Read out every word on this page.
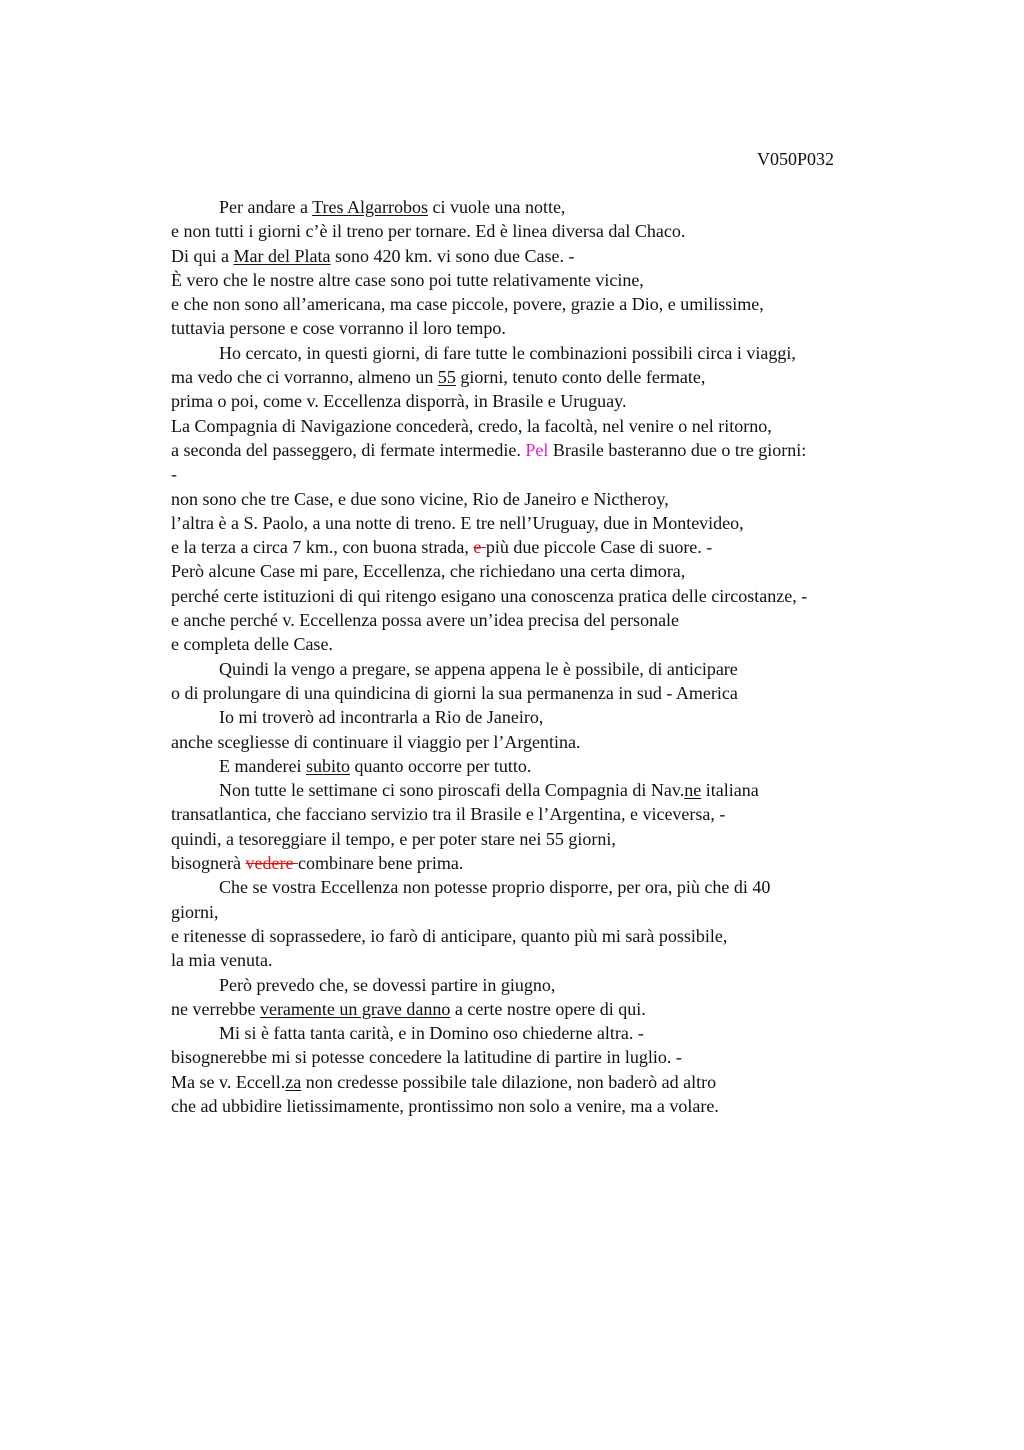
V050P032
Per andare a Tres Algarrobos ci vuole una notte,
e non tutti i giorni c’è il treno per tornare. Ed è linea diversa dal Chaco.
Di qui a Mar del Plata sono 420 km. vi sono due Case. -
È vero che le nostre altre case sono poi tutte relativamente vicine,
e che non sono all’americana, ma case piccole, povere, grazie a Dio, e umilissime,
tuttavia persone e cose vorranno il loro tempo.
Ho cercato, in questi giorni, di fare tutte le combinazioni possibili circa i viaggi,
ma vedo che ci vorranno, almeno un 55 giorni, tenuto conto delle fermate,
prima o poi, come v. Eccellenza disporrà, in Brasile e Uruguay.
La Compagnia di Navigazione concederà, credo, la facoltà, nel venire o nel ritorno,
a seconda del passeggero, di fermate intermedie. Pel Brasile basteranno due o tre giorni:
-
non sono che tre Case, e due sono vicine, Rio de Janeiro e Nictheroy,
l’altra è a S. Paolo, a una notte di treno. E tre nell’Uruguay, due in Montevideo,
e la terza a circa 7 km., con buona strada, e più due piccole Case di suore. -
Però alcune Case mi pare, Eccellenza, che richiedano una certa dimora,
perché certe istituzioni di qui ritengo esigano una conoscenza pratica delle circostanze, -
e anche perché v. Eccellenza possa avere un’idea precisa del personale
e completa delle Case.
Quindi la vengo a pregare, se appena appena le è possibile, di anticipare
o di prolungare di una quindicina di giorni la sua permanenza in sud - America
Io mi troverò ad incontrarla a Rio de Janeiro,
anche scegliesse di continuare il viaggio per l’Argentina.
E manderei subito quanto occorre per tutto.
Non tutte le settimane ci sono piroscafi della Compagnia di Nav.ne italiana
transatlantica, che facciano servizio tra il Brasile e l’Argentina, e viceversa, -
quindi, a tesoreggiare il tempo, e per poter stare nei 55 giorni,
bisognerà vedere combinare bene prima.
Che se vostra Eccellenza non potesse proprio disporre, per ora, più che di 40
giorni,
e ritenesse di soprassedere, io farò di anticipare, quanto più mi sarà possibile,
la mia venuta.
Però prevedo che, se dovessi partire in giugno,
ne verrebbe veramente un grave danno a certe nostre opere di qui.
Mi si è fatta tanta carità, e in Domino oso chiederne altra. -
bisognerebbe mi si potesse concedere la latitudine di partire in luglio. -
Ma se v. Eccell.za non credesse possibile tale dilazione, non baderò ad altro
che ad ubbidire lietissimamente, prontissimo non solo a venire, ma a volare.
